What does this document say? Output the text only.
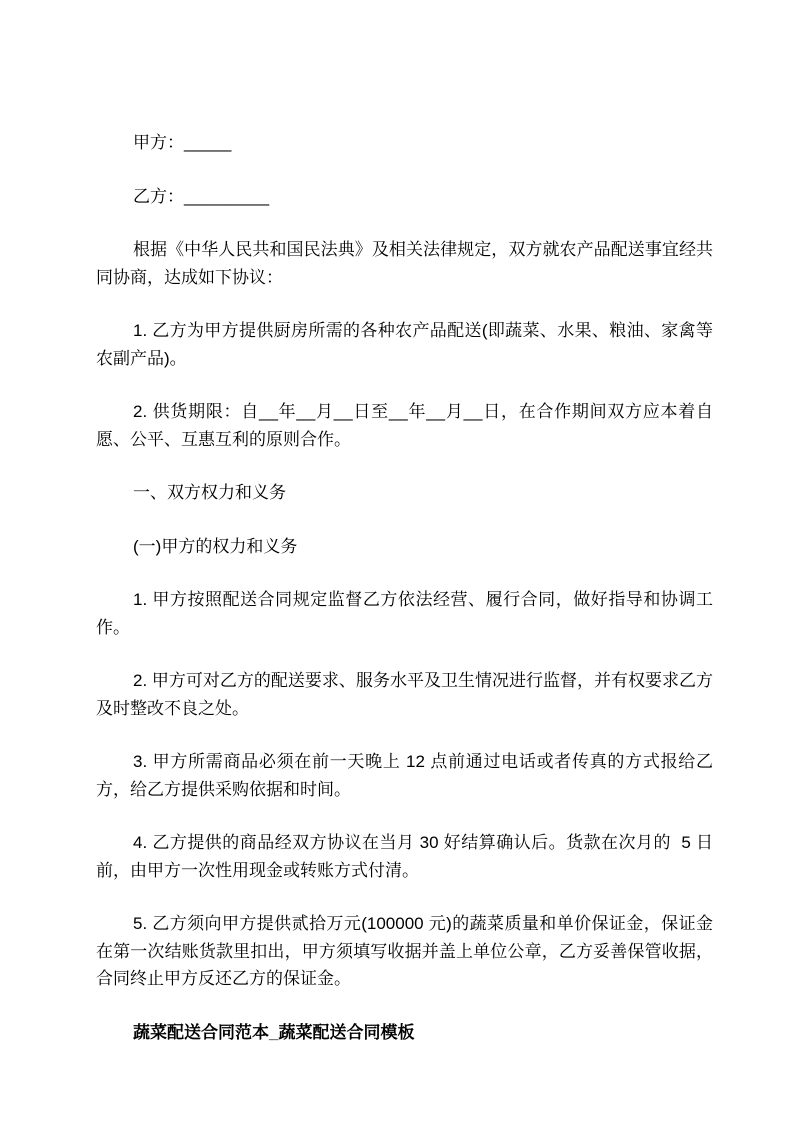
甲方：_____

乙方：_________

根据《中华人民共和国民法典》及相关法律规定，双方就农产品配送事宜经共同协商，达成如下协议：

1. 乙方为甲方提供厨房所需的各种农产品配送(即蔬菜、水果、粮油、家禽等农副产品)。

2. 供货期限：自__年__月__日至__年__月__日，在合作期间双方应本着自愿、公平、互惠互利的原则合作。

一、双方权力和义务

(一)甲方的权力和义务

1. 甲方按照配送合同规定监督乙方依法经营、履行合同，做好指导和协调工作。

2. 甲方可对乙方的配送要求、服务水平及卫生情况进行监督，并有权要求乙方及时整改不良之处。

3. 甲方所需商品必须在前一天晚上 12 点前通过电话或者传真的方式报给乙方，给乙方提供采购依据和时间。

4. 乙方提供的商品经双方协议在当月 30 好结算确认后。货款在次月的  5 日前，由甲方一次性用现金或转账方式付清。

5. 乙方须向甲方提供贰拾万元(100000 元)的蔬菜质量和单价保证金，保证金在第一次结账货款里扣出，甲方须填写收据并盖上单位公章，乙方妥善保管收据，合同终止甲方反还乙方的保证金。

蔬菜配送合同范本_蔬菜配送合同模板
